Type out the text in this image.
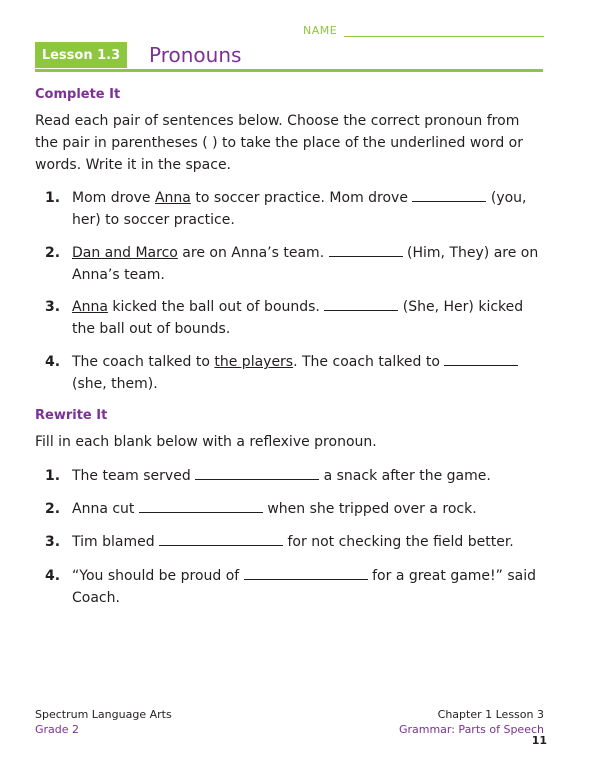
NAME
Lesson 1.3	Pronouns
Complete It
Read each pair of sentences below. Choose the correct pronoun from the pair in parentheses ( ) to take the place of the underlined word or words. Write it in the space.
1. Mom drove Anna to soccer practice. Mom drove	(you, her) to soccer practice.
2. Dan and Marco are on Anna’s team.	(Him, They) are on Anna’s team.
3. Anna kicked the ball out of bounds.	(She, Her) kicked the ball out of bounds.
4. The coach talked to the players. The coach talked to  (she, them).
Rewrite It
Fill in each blank below with a reflexive pronoun.
1. The team served	a snack after the game.
2. Anna cut	when she tripped over a rock.
3. Tim blamed	for not checking the field better.
4. “You should be proud of	for a great game!” said Coach.
Spectrum Language Arts
Grade 2
Chapter 1 Lesson 3
Grammar: Parts of Speech
11
